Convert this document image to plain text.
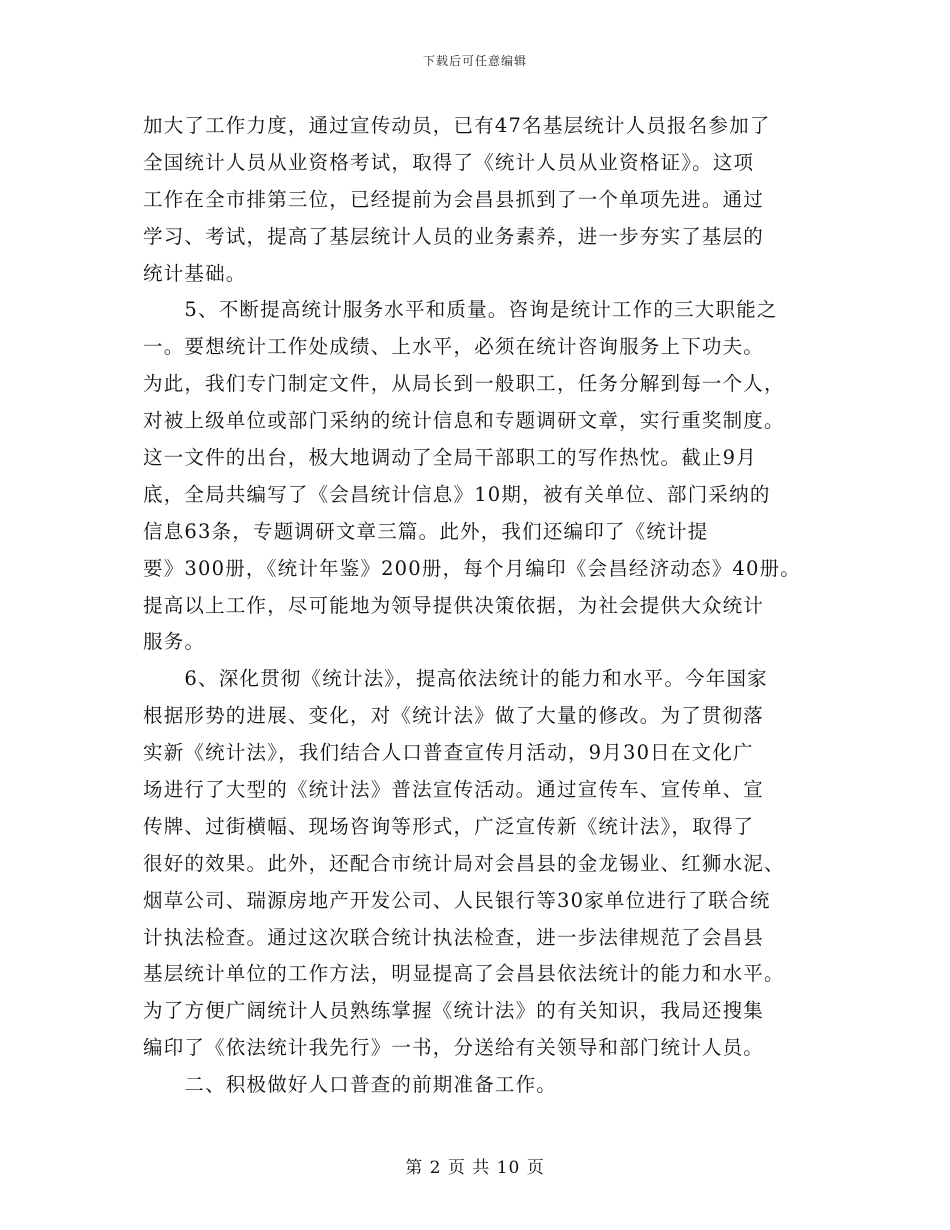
下载后可任意编辑
加大了工作力度，通过宣传动员，已有47名基层统计人员报名参加了
全国统计人员从业资格考试，取得了《统计人员从业资格证》。这项
工作在全市排第三位，已经提前为会昌县抓到了一个单项先进。通过
学习、考试，提高了基层统计人员的业务素养，进一步夯实了基层的
统计基础。
　　5、不断提高统计服务水平和质量。咨询是统计工作的三大职能之
一。要想统计工作处成绩、上水平，必须在统计咨询服务上下功夫。
为此，我们专门制定文件，从局长到一般职工，任务分解到每一个人，
对被上级单位或部门采纳的统计信息和专题调研文章，实行重奖制度。
这一文件的出台，极大地调动了全局干部职工的写作热忱。截止9月
底，全局共编写了《会昌统计信息》10期，被有关单位、部门采纳的
信息63条，专题调研文章三篇。此外，我们还编印了《统计提
要》300册，《统计年鉴》200册，每个月编印《会昌经济动态》40册。
提高以上工作，尽可能地为领导提供决策依据，为社会提供大众统计
服务。
　　6、深化贯彻《统计法》，提高依法统计的能力和水平。今年国家
根据形势的进展、变化，对《统计法》做了大量的修改。为了贯彻落
实新《统计法》，我们结合人口普查宣传月活动，9月30日在文化广
场进行了大型的《统计法》普法宣传活动。通过宣传车、宣传单、宣
传牌、过街横幅、现场咨询等形式，广泛宣传新《统计法》，取得了
很好的效果。此外，还配合市统计局对会昌县的金龙锡业、红狮水泥、
烟草公司、瑞源房地产开发公司、人民银行等30家单位进行了联合统
计执法检查。通过这次联合统计执法检查，进一步法律规范了会昌县
基层统计单位的工作方法，明显提高了会昌县依法统计的能力和水平。
为了方便广阔统计人员熟练掌握《统计法》的有关知识，我局还搜集
编印了《依法统计我先行》一书，分送给有关领导和部门统计人员。
　　二、积极做好人口普查的前期准备工作。
第 2 页 共 10 页
